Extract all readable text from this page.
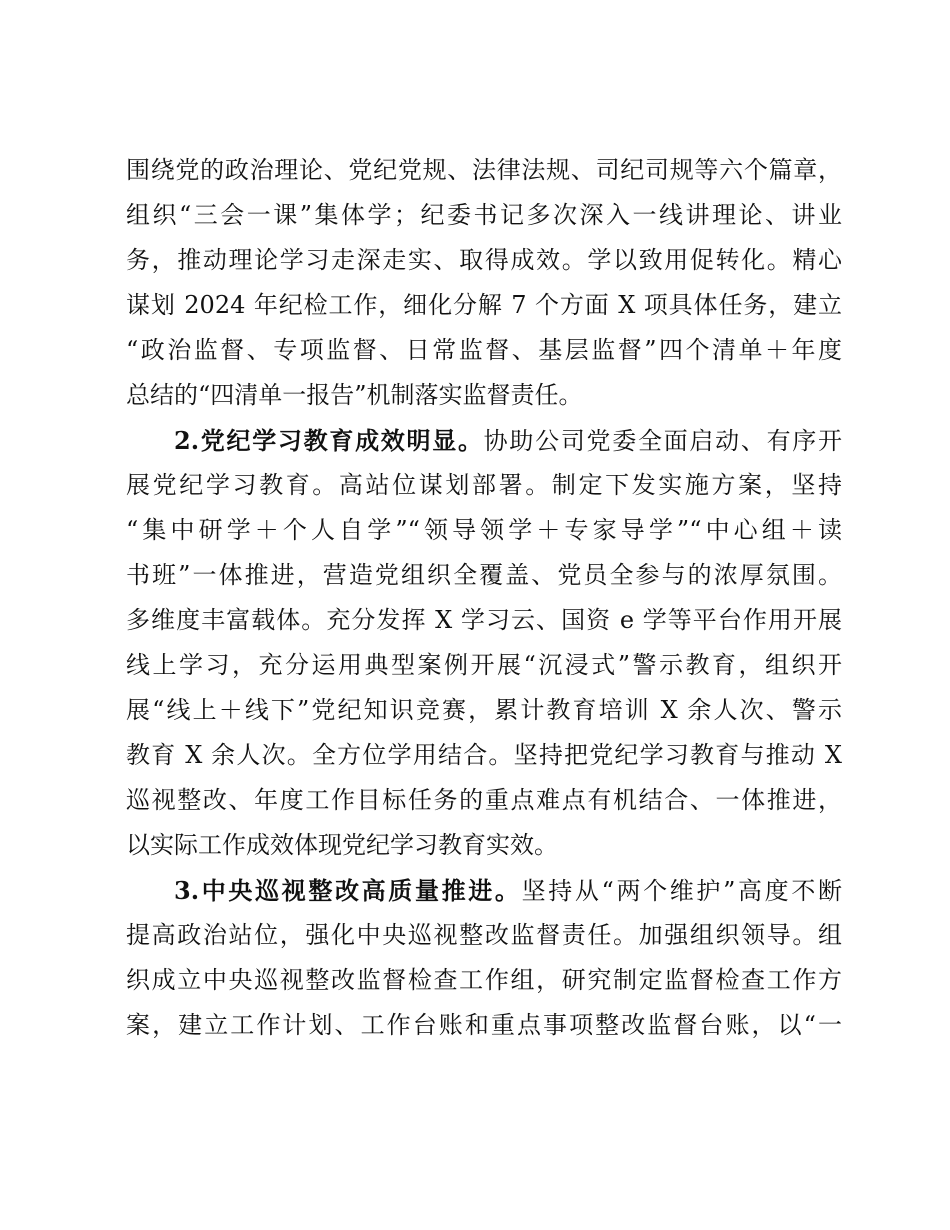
围绕党的政治理论、党纪党规、法律法规、司纪司规等六个篇章，
组织“三会一课”集体学；纪委书记多次深入一线讲理论、讲业
务，推动理论学习走深走实、取得成效。学以致用促转化。精心
谋划 2024 年纪检工作，细化分解 7 个方面 X 项具体任务，建立
“政治监督、专项监督、日常监督、基层监督”四个清单＋年度
总结的“四清单一报告”机制落实监督责任。
2.党纪学习教育成效明显。协助公司党委全面启动、有序开
展党纪学习教育。高站位谋划部署。制定下发实施方案，坚持
“集中研学＋个人自学”“领导领学＋专家导学”“中心组＋读
书班”一体推进，营造党组织全覆盖、党员全参与的浓厚氛围。
多维度丰富载体。充分发挥 X 学习云、国资 e 学等平台作用开展
线上学习，充分运用典型案例开展“沉浸式”警示教育，组织开
展“线上＋线下”党纪知识竞赛，累计教育培训 X 余人次、警示
教育 X 余人次。全方位学用结合。坚持把党纪学习教育与推动 X
巡视整改、年度工作目标任务的重点难点有机结合、一体推进，
以实际工作成效体现党纪学习教育实效。
3.中央巡视整改高质量推进。坚持从“两个维护”高度不断
提高政治站位，强化中央巡视整改监督责任。加强组织领导。组
织成立中央巡视整改监督检查工作组，研究制定监督检查工作方
案，建立工作计划、工作台账和重点事项整改监督台账，以“一
